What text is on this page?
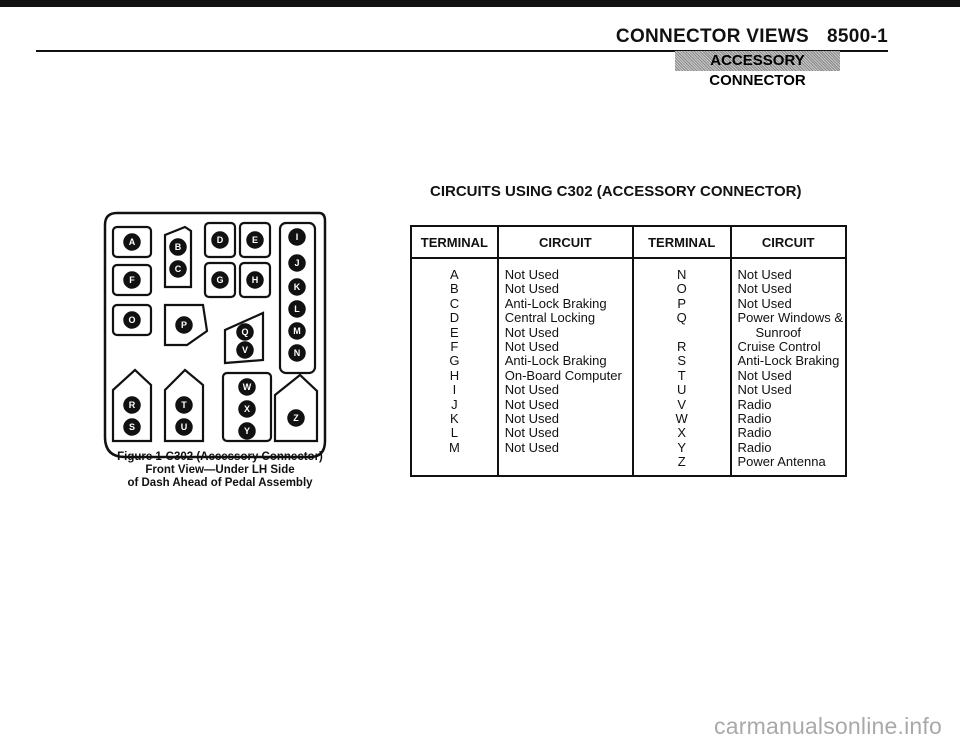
CONNECTOR VIEWS 8500-1
ACCESSORY CONNECTOR
CIRCUITS USING C302 (ACCESSORY CONNECTOR)
TERMINAL	CIRCUIT	TERMINAL	CIRCUIT
A	Not Used	N	Not Used
B	Not Used	O	Not Used
C	Anti-Lock Braking	P	Not Used
D	Central Locking	Q	Power Windows &
E	Not Used		Sunroof
F	Not Used	R	Cruise Control
G	Anti-Lock Braking	S	Anti-Lock Braking
H	On-Board Computer	T	Not Used
I	Not Used	U	Not Used
J	Not Used	V	Radio
K	Not Used	W	Radio
L	Not Used	X	Radio
M	Not Used	Y	Radio
		Z	Power Antenna
A	B
C
D	E
F	G	H
I
J
K
L
M
N
O	P
Q
R
S
T
U
V
W
X
Y
Z
Figure 1-C302 (Accessory Connector)
Front View—Under LH Side
of Dash Ahead of Pedal Assembly
carmanualsonline.info
